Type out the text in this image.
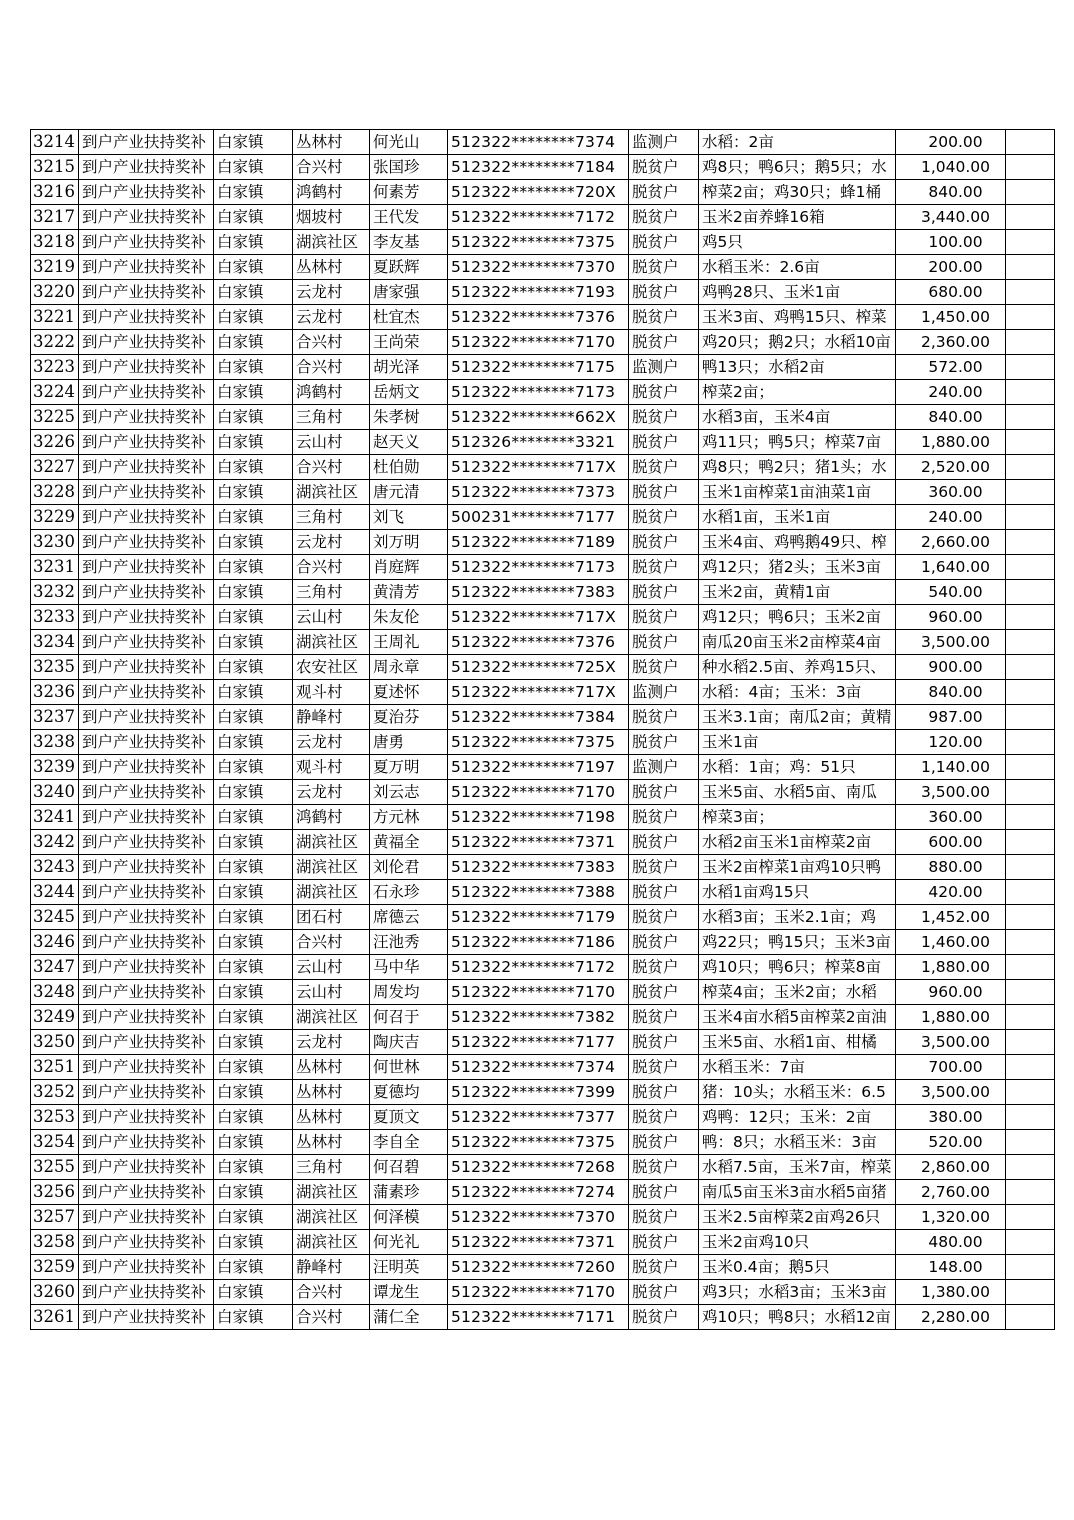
3214	到户产业扶持奖补	白家镇	丛林村	何光山	512322********7374	监测户	水稻：2亩	200.00	
3215	到户产业扶持奖补	白家镇	合兴村	张国珍	512322********7184	脱贫户	鸡8只；鸭6只；鹅5只；水	1,040.00	
3216	到户产业扶持奖补	白家镇	鸿鹤村	何素芳	512322********720X	脱贫户	榨菜2亩；鸡30只；蜂1桶	840.00	
3217	到户产业扶持奖补	白家镇	烟坡村	王代发	512322********7172	脱贫户	玉米2亩养蜂16箱	3,440.00	
3218	到户产业扶持奖补	白家镇	湖滨社区	李友基	512322********7375	脱贫户	鸡5只	100.00	
3219	到户产业扶持奖补	白家镇	丛林村	夏跃辉	512322********7370	脱贫户	水稻玉米：2.6亩	200.00	
3220	到户产业扶持奖补	白家镇	云龙村	唐家强	512322********7193	脱贫户	鸡鸭28只、玉米1亩	680.00	
3221	到户产业扶持奖补	白家镇	云龙村	杜宜杰	512322********7376	脱贫户	玉米3亩、鸡鸭15只、榨菜	1,450.00	
3222	到户产业扶持奖补	白家镇	合兴村	王尚荣	512322********7170	脱贫户	鸡20只；鹅2只；水稻10亩	2,360.00	
3223	到户产业扶持奖补	白家镇	合兴村	胡光泽	512322********7175	监测户	鸭13只；水稻2亩	572.00	
3224	到户产业扶持奖补	白家镇	鸿鹤村	岳炳文	512322********7173	脱贫户	榨菜2亩；	240.00	
3225	到户产业扶持奖补	白家镇	三角村	朱孝树	512322********662X	脱贫户	水稻3亩，玉米4亩	840.00	
3226	到户产业扶持奖补	白家镇	云山村	赵天义	512326********3321	脱贫户	鸡11只；鸭5只；榨菜7亩	1,880.00	
3227	到户产业扶持奖补	白家镇	合兴村	杜伯勋	512322********717X	脱贫户	鸡8只；鸭2只；猪1头；水	2,520.00	
3228	到户产业扶持奖补	白家镇	湖滨社区	唐元清	512322********7373	脱贫户	玉米1亩榨菜1亩油菜1亩	360.00	
3229	到户产业扶持奖补	白家镇	三角村	刘飞	500231********7177	脱贫户	水稻1亩，玉米1亩	240.00	
3230	到户产业扶持奖补	白家镇	云龙村	刘万明	512322********7189	脱贫户	玉米4亩、鸡鸭鹅49只、榨	2,660.00	
3231	到户产业扶持奖补	白家镇	合兴村	肖庭辉	512322********7173	脱贫户	鸡12只；猪2头；玉米3亩	1,640.00	
3232	到户产业扶持奖补	白家镇	三角村	黄清芳	512322********7383	脱贫户	玉米2亩，黄精1亩	540.00	
3233	到户产业扶持奖补	白家镇	云山村	朱友伦	512322********717X	脱贫户	鸡12只；鸭6只；玉米2亩	960.00	
3234	到户产业扶持奖补	白家镇	湖滨社区	王周礼	512322********7376	脱贫户	南瓜20亩玉米2亩榨菜4亩	3,500.00	
3235	到户产业扶持奖补	白家镇	农安社区	周永章	512322********725X	脱贫户	种水稻2.5亩、养鸡15只、	900.00	
3236	到户产业扶持奖补	白家镇	观斗村	夏述怀	512322********717X	监测户	水稻：4亩；玉米：3亩	840.00	
3237	到户产业扶持奖补	白家镇	静峰村	夏治芬	512322********7384	脱贫户	玉米3.1亩；南瓜2亩；黄精	987.00	
3238	到户产业扶持奖补	白家镇	云龙村	唐勇	512322********7375	脱贫户	玉米1亩	120.00	
3239	到户产业扶持奖补	白家镇	观斗村	夏万明	512322********7197	监测户	水稻：1亩；鸡：51只	1,140.00	
3240	到户产业扶持奖补	白家镇	云龙村	刘云志	512322********7170	脱贫户	玉米5亩、水稻5亩、南瓜	3,500.00	
3241	到户产业扶持奖补	白家镇	鸿鹤村	方元林	512322********7198	脱贫户	榨菜3亩；	360.00	
3242	到户产业扶持奖补	白家镇	湖滨社区	黄福全	512322********7371	脱贫户	水稻2亩玉米1亩榨菜2亩	600.00	
3243	到户产业扶持奖补	白家镇	湖滨社区	刘伦君	512322********7383	脱贫户	玉米2亩榨菜1亩鸡10只鸭	880.00	
3244	到户产业扶持奖补	白家镇	湖滨社区	石永珍	512322********7388	脱贫户	水稻1亩鸡15只	420.00	
3245	到户产业扶持奖补	白家镇	团石村	席德云	512322********7179	脱贫户	水稻3亩；玉米2.1亩；鸡	1,452.00	
3246	到户产业扶持奖补	白家镇	合兴村	汪池秀	512322********7186	脱贫户	鸡22只；鸭15只；玉米3亩	1,460.00	
3247	到户产业扶持奖补	白家镇	云山村	马中华	512322********7172	脱贫户	鸡10只；鸭6只；榨菜8亩	1,880.00	
3248	到户产业扶持奖补	白家镇	云山村	周发均	512322********7170	脱贫户	榨菜4亩；玉米2亩；水稻	960.00	
3249	到户产业扶持奖补	白家镇	湖滨社区	何召于	512322********7382	脱贫户	玉米4亩水稻5亩榨菜2亩油	1,880.00	
3250	到户产业扶持奖补	白家镇	云龙村	陶庆吉	512322********7177	脱贫户	玉米5亩、水稻1亩、柑橘	3,500.00	
3251	到户产业扶持奖补	白家镇	丛林村	何世林	512322********7374	脱贫户	水稻玉米：7亩	700.00	
3252	到户产业扶持奖补	白家镇	丛林村	夏德均	512322********7399	脱贫户	猪：10头；水稻玉米：6.5	3,500.00	
3253	到户产业扶持奖补	白家镇	丛林村	夏顶文	512322********7377	脱贫户	鸡鸭：12只；玉米：2亩	380.00	
3254	到户产业扶持奖补	白家镇	丛林村	李自全	512322********7375	脱贫户	鸭：8只；水稻玉米：3亩	520.00	
3255	到户产业扶持奖补	白家镇	三角村	何召碧	512322********7268	脱贫户	水稻7.5亩，玉米7亩，榨菜	2,860.00	
3256	到户产业扶持奖补	白家镇	湖滨社区	蒲素珍	512322********7274	脱贫户	南瓜5亩玉米3亩水稻5亩猪	2,760.00	
3257	到户产业扶持奖补	白家镇	湖滨社区	何泽模	512322********7370	脱贫户	玉米2.5亩榨菜2亩鸡26只	1,320.00	
3258	到户产业扶持奖补	白家镇	湖滨社区	何光礼	512322********7371	脱贫户	玉米2亩鸡10只	480.00	
3259	到户产业扶持奖补	白家镇	静峰村	汪明英	512322********7260	脱贫户	玉米0.4亩；鹅5只	148.00	
3260	到户产业扶持奖补	白家镇	合兴村	谭龙生	512322********7170	脱贫户	鸡3只；水稻3亩；玉米3亩	1,380.00	
3261	到户产业扶持奖补	白家镇	合兴村	蒲仁全	512322********7171	脱贫户	鸡10只；鸭8只；水稻12亩	2,280.00	
